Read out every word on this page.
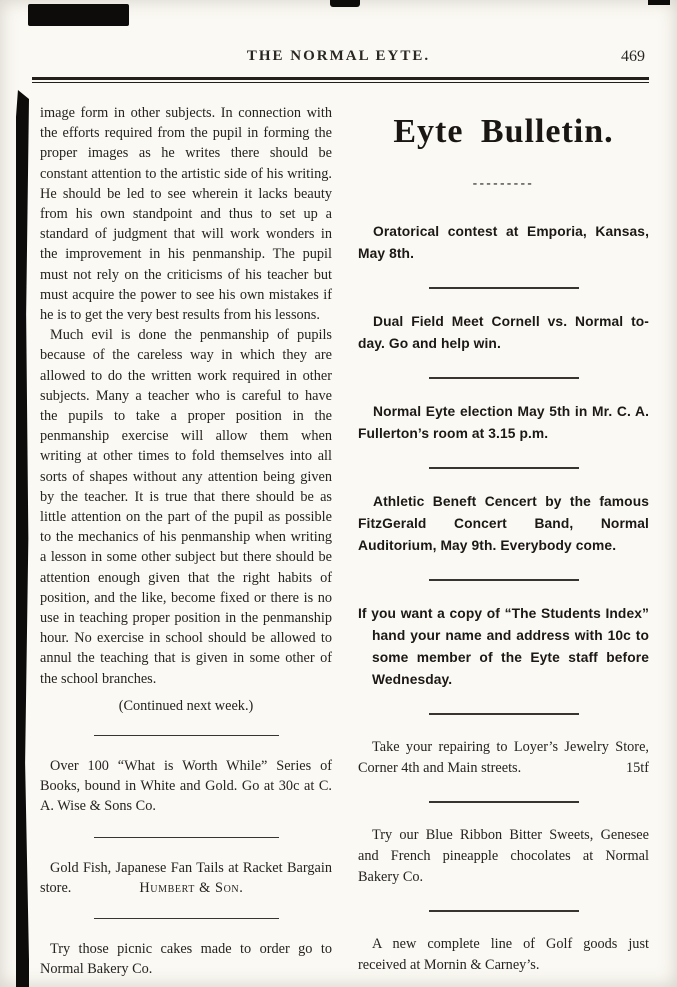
THE NORMAL EYTE.	469

image form in other subjects. In connection with the efforts required from the pupil in forming the proper images as he writes there should be constant attention to the artistic side of his writing. He should be led to see wherein it lacks beauty from his own standpoint and thus to set up a standard of judgment that will work wonders in the improvement in his penmanship. The pupil must not rely on the criticisms of his teacher but must acquire the power to see his own mistakes if he is to get the very best results from his lessons.

Much evil is done the penmanship of pupils because of the careless way in which they are allowed to do the written work required in other subjects. Many a teacher who is careful to have the pupils to take a proper position in the penmanship exercise will allow them when writing at other times to fold themselves into all sorts of shapes without any attention being given by the teacher. It is true that there should be as little attention on the part of the pupil as possible to the mechanics of his penmanship when writing a lesson in some other subject but there should be attention enough given that the right habits of position, and the like, become fixed or there is no use in teaching proper position in the penmanship hour. No exercise in school should be allowed to annul the teaching that is given in some other of the school branches.

(Continued next week.)

Over 100 “What is Worth While” Series of Books, bound in White and Gold. Go at 30c at C. A. Wise & Sons Co.

Gold Fish, Japanese Fan Tails at Racket Bargain store.	Humbert & Son.

Try those picnic cakes made to order go to Normal Bakery Co.

Eyte Bulletin.
---------

Oratorical contest at Emporia, Kansas, May 8th.

Dual Field Meet Cornell vs. Normal to-day. Go and help win.

Normal Eyte election May 5th in Mr. C. A. Fullerton’s room at 3.15 p.m.

Athletic Beneft Cencert by the famous FitzGerald Concert Band, Normal Auditorium, May 9th. Everybody come.

If you want a copy of “The Students Index” hand your name and address with 10c to some member of the Eyte staff before Wednesday.

Take your repairing to Loyer’s Jewelry Store, Corner 4th and Main streets.	15tf

Try our Blue Ribbon Bitter Sweets, Genesee and French pineapple chocolates at Normal Bakery Co.

A new complete line of Golf goods just received at Mornin & Carney’s.
